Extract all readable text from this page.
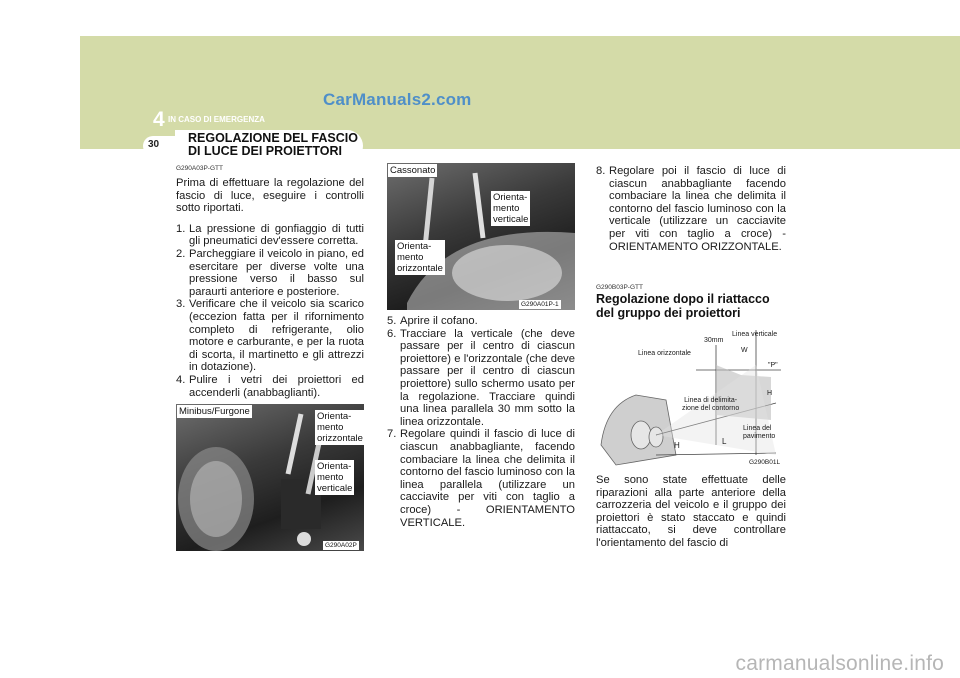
CarManuals2.com
4 IN CASO DI EMERGENZA
30 REGOLAZIONE DEL FASCIO DI LUCE DEI PROIETTORI
G290A03P-GTT

Prima di effettuare la regolazione del fascio di luce, eseguire i controlli sotto riportati.

1. La pressione di gonfiaggio di tutti gli pneumatici dev'essere corretta.
2. Parcheggiare il veicolo in piano, ed esercitare per diverse volte una pressione verso il basso sul paraurti anteriore e posteriore.
3. Verificare che il veicolo sia scarico (eccezion fatta per il rifornimento completo di refrigerante, olio motore e carburante, e per la ruota di scorta, il martinetto e gli attrezzi in dotazione).
4. Pulire i vetri dei proiettori ed accenderli (anabbaglianti).
Minibus/Furgone	Orienta-
mento
orizzontale
Orienta-
mento
verticale
G290A02P
Cassonato
Orienta-
mento
verticale
Orienta-
mento
orizzontale
G290A01P-1
5. Aprire il cofano.
6. Tracciare la verticale (che deve passare per il centro di ciascun proiettore) e l'orizzontale (che deve passare per il centro di ciascun proiettore) sullo schermo usato per la regolazione. Tracciare quindi una linea parallela 30 mm sotto la linea orizzontale.
7. Regolare quindi il fascio di luce di ciascun anabbagliante, facendo combaciare la linea che delimita il contorno del fascio luminoso con la linea parallela (utilizzare un cacciavite per viti con taglio a croce) - ORIENTAMENTO VERTICALE.
8. Regolare poi il fascio di luce di ciascun anabbagliante facendo combaciare la linea che delimita il contorno del fascio luminoso con la verticale (utilizzare un cacciavite per viti con taglio a croce) -ORIENTAMENTO ORIZZONTALE.
G290B03P-GTT
Regolazione dopo il riattacco del gruppo dei proiettori
Linea verticale
30mm
Linea orizzontale	W
"P"
Linea di delimita-
zione del contorno
H
Linea del
pavimento
H	L
G290B01L
Se sono state effettuate delle riparazioni alla parte anteriore della carrozzeria del veicolo e il gruppo dei proiettori è stato staccato e quindi riattaccato, si deve controllare l'orientamento del fascio di
carmanualsonline.info
